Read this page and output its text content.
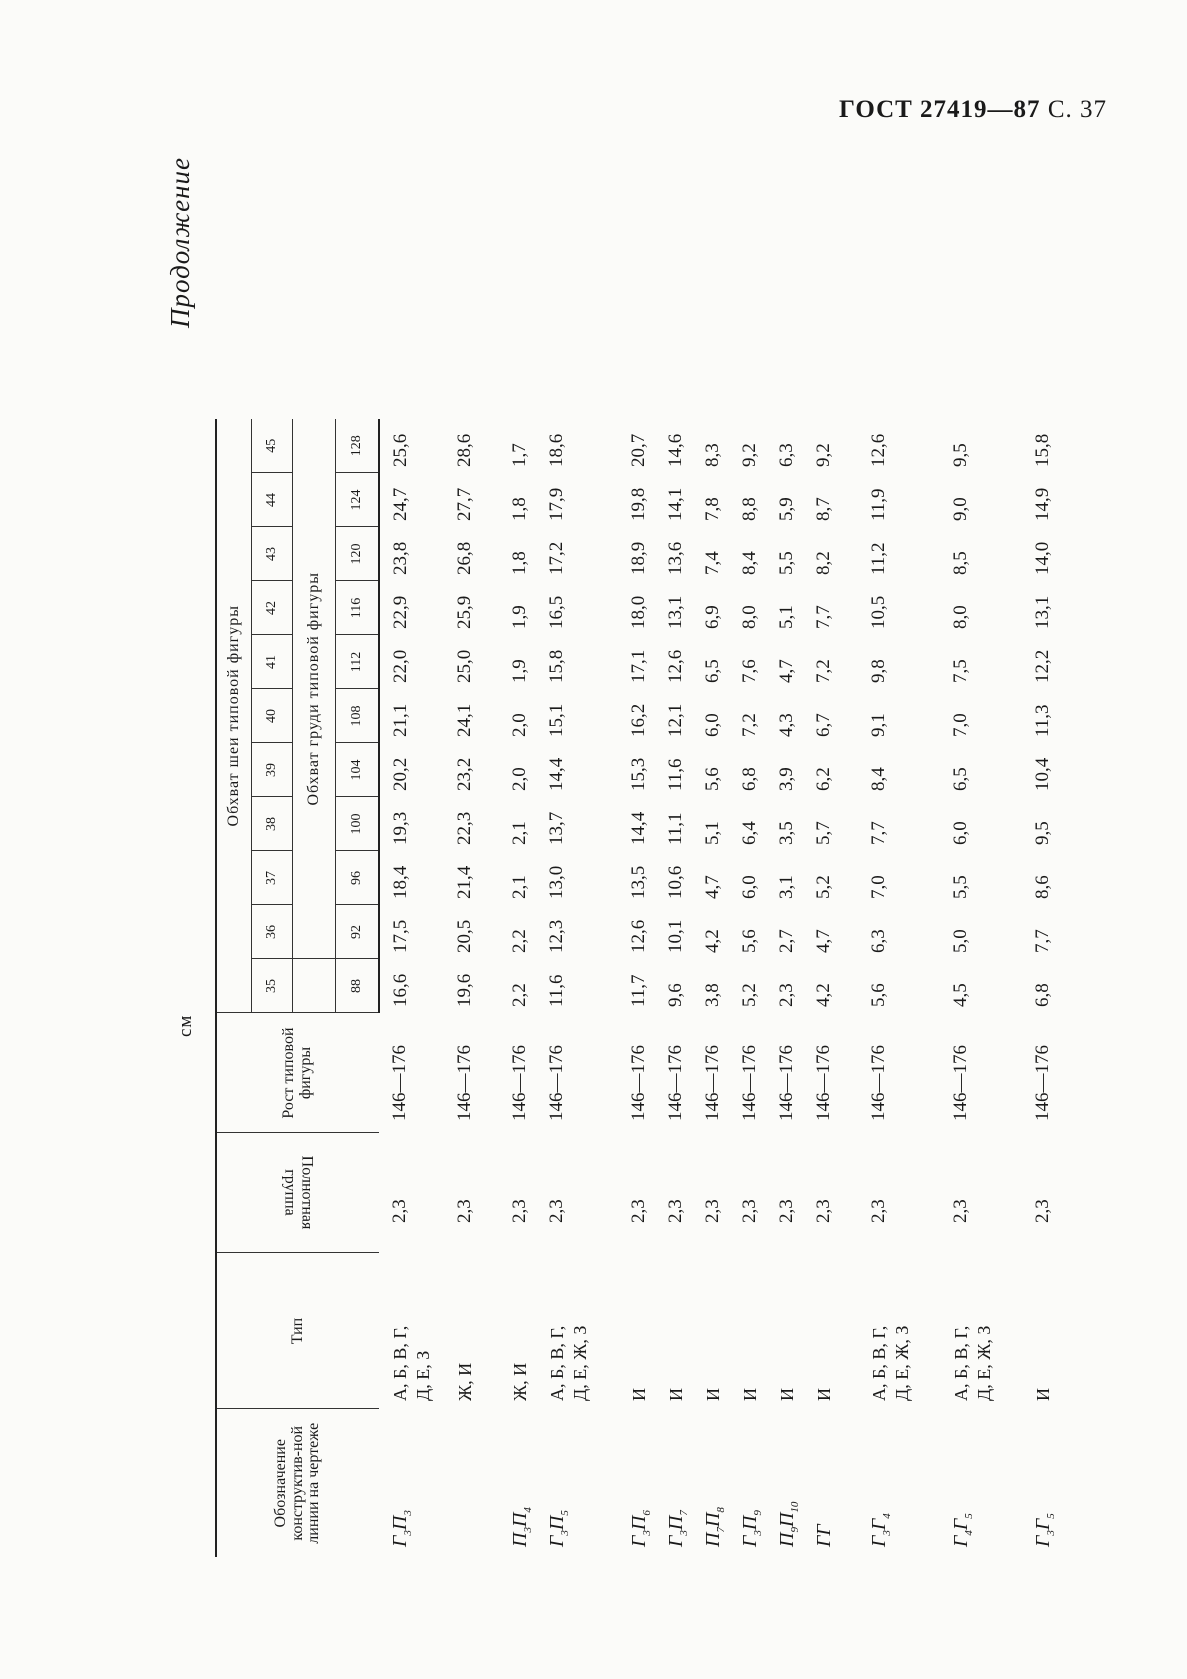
ГОСТ 27419—87 С. 37
Продолжение
см
Обозначение конструктив-ной линии на чертеже	Тип	Полнотная группа	Рост типовой фигуры	Обхват шеи типовой фигуры										
				35	36	37	38	39	40	41	42	43	44	45
					Обхват груди типовой фигуры									
				88	92	96	100	104	108	112	116	120	124	128
$Г_3П_3$	А, Б, В, Г,
Д, Е, З	2,3	146—176	16,6	17,5	18,4	19,3	20,2	21,1	22,0	22,9	23,8	24,7	25,6
	Ж, И	2,3	146—176	19,6	20,5	21,4	22,3	23,2	24,1	25,0	25,9	26,8	27,7	28,6
$П_3П_4$	Ж, И	2,3	146—176	2,2	2,2	2,1	2,1	2,0	2,0	1,9	1,9	1,8	1,8	1,7
$Г_3П_5$	А, Б, В, Г,
Д, Е, Ж, З	2,3	146—176	11,6	12,3	13,0	13,7	14,4	15,1	15,8	16,5	17,2	17,9	18,6
$Г_3П_6$	И	2,3	146—176	11,7	12,6	13,5	14,4	15,3	16,2	17,1	18,0	18,9	19,8	20,7
$Г_3П_7$	И	2,3	146—176	9,6	10,1	10,6	11,1	11,6	12,1	12,6	13,1	13,6	14,1	14,6
$П_7П_8$	И	2,3	146—176	3,8	4,2	4,7	5,1	5,6	6,0	6,5	6,9	7,4	7,8	8,3
$Г_3П_9$	И	2,3	146—176	5,2	5,6	6,0	6,4	6,8	7,2	7,6	8,0	8,4	8,8	9,2
$П_9П_{10}$	И	2,3	146—176	2,3	2,7	3,1	3,5	3,9	4,3	4,7	5,1	5,5	5,9	6,3
ГГ	И	2,3	146—176	4,2	4,7	5,2	5,7	6,2	6,7	7,2	7,7	8,2	8,7	9,2
$Г_3Г_4$	А, Б, В, Г,
Д, Е, Ж, З	2,3	146—176	5,6	6,3	7,0	7,7	8,4	9,1	9,8	10,5	11,2	11,9	12,6
$Г_4Г_5$	А, Б, В, Г,
Д, Е, Ж, З	2,3	146—176	4,5	5,0	5,5	6,0	6,5	7,0	7,5	8,0	8,5	9,0	9,5
$Г_3Г_5$	И	2,3	146—176	6,8	7,7	8,6	9,5	10,4	11,3	12,2	13,1	14,0	14,9	15,8
